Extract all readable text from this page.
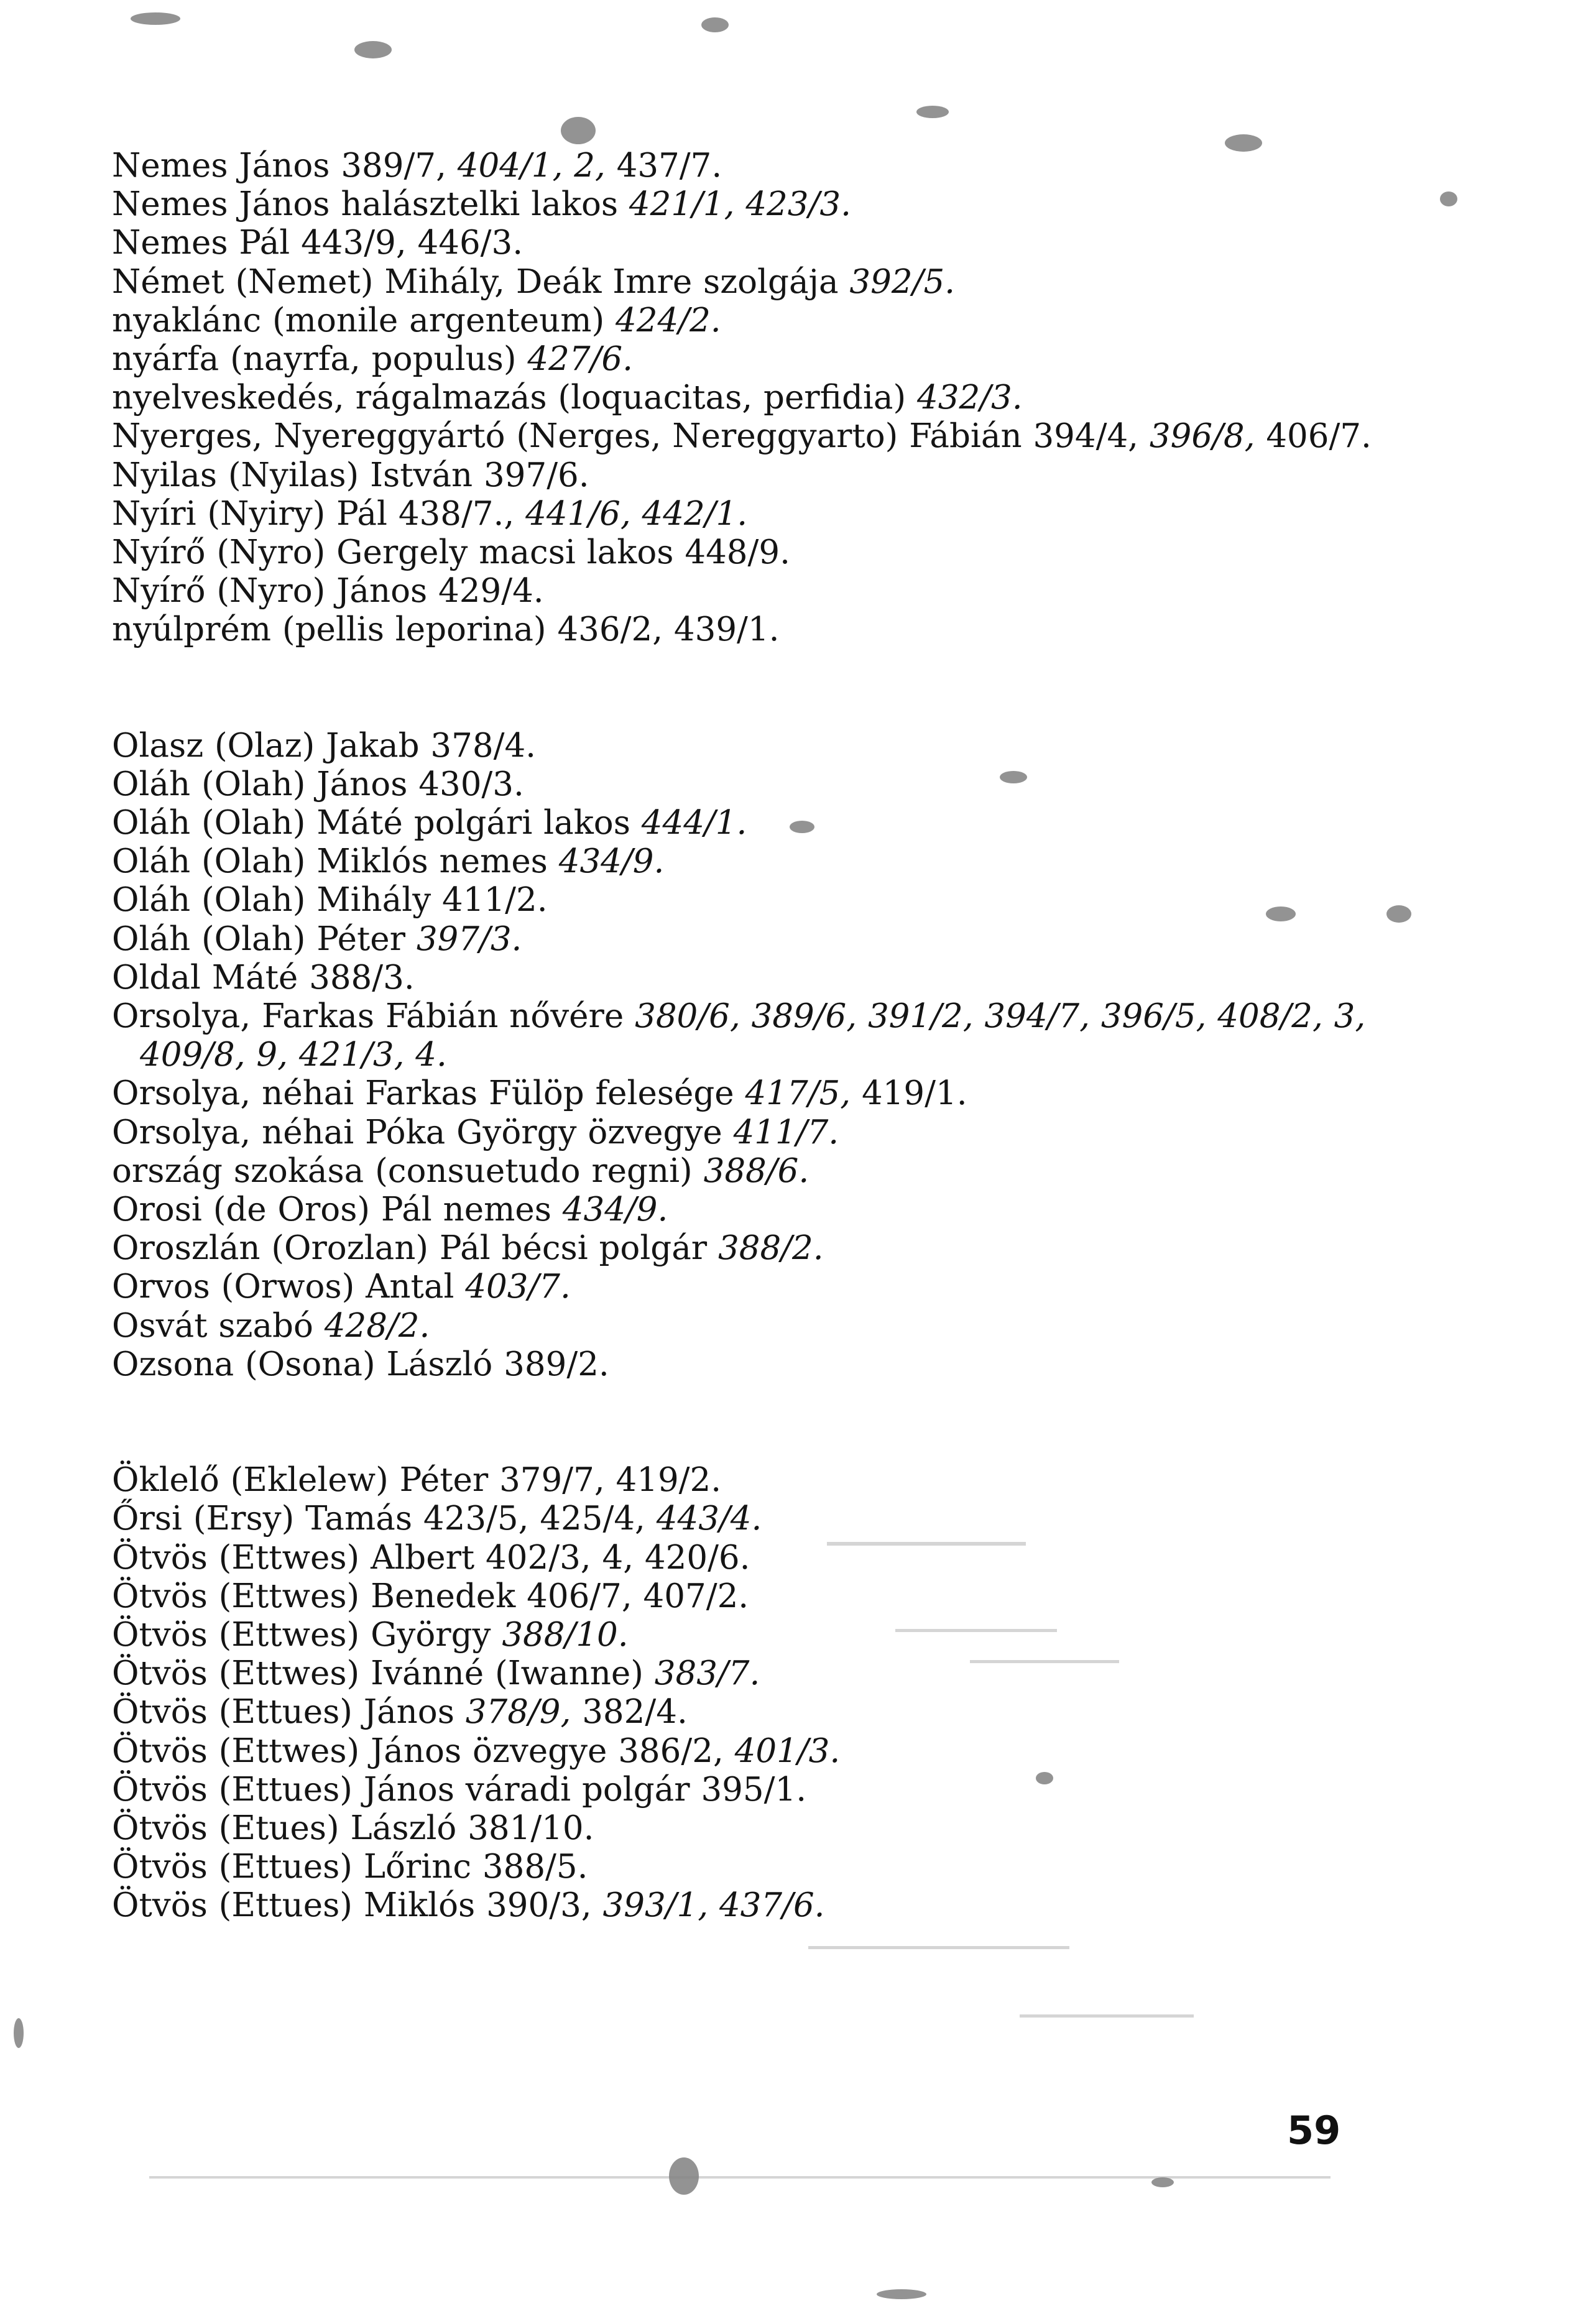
Nemes János 389/7, 404/1, 2, 437/7.
Nemes János halásztelki lakos 421/1, 423/3.
Nemes Pál 443/9, 446/3.
Német (Nemet) Mihály, Deák Imre szolgája 392/5.
nyaklánc (monile argenteum) 424/2.
nyárfa (nayrfa, populus) 427/6.
nyelveskedés, rágalmazás (loquacitas, perfidia) 432/3.
Nyerges, Nyereggyártó (Nerges, Nereggyarto) Fábián 394/4, 396/8, 406/7.
Nyilas (Nyilas) István 397/6.
Nyíri (Nyiry) Pál 438/7., 441/6, 442/1.
Nyírő (Nyro) Gergely macsi lakos 448/9.
Nyírő (Nyro) János 429/4.
nyúlprém (pellis leporina) 436/2, 439/1.
Olasz (Olaz) Jakab 378/4.
Oláh (Olah) János 430/3.
Oláh (Olah) Máté polgári lakos 444/1.
Oláh (Olah) Miklós nemes 434/9.
Oláh (Olah) Mihály 411/2.
Oláh (Olah) Péter 397/3.
Oldal Máté 388/3.
Orsolya, Farkas Fábián nővére 380/6, 389/6, 391/2, 394/7, 396/5, 408/2, 3, 409/8, 9, 421/3, 4.
Orsolya, néhai Farkas Fülöp felesége 417/5, 419/1.
Orsolya, néhai Póka György özvegye 411/7.
ország szokása (consuetudo regni) 388/6.
Orosi (de Oros) Pál nemes 434/9.
Oroszlán (Orozlan) Pál bécsi polgár 388/2.
Orvos (Orwos) Antal 403/7.
Osvát szabó 428/2.
Ozsona (Osona) László 389/2.
Öklelő (Eklelew) Péter 379/7, 419/2.
Őrsi (Ersy) Tamás 423/5, 425/4, 443/4.
Ötvös (Ettwes) Albert 402/3, 4, 420/6.
Ötvös (Ettwes) Benedek 406/7, 407/2.
Ötvös (Ettwes) György 388/10.
Ötvös (Ettwes) Ivánné (Iwanne) 383/7.
Ötvös (Ettues) János 378/9, 382/4.
Ötvös (Ettwes) János özvegye 386/2, 401/3.
Ötvös (Ettues) János váradi polgár 395/1.
Ötvös (Etues) László 381/10.
Ötvös (Ettues) Lőrinc 388/5.
Ötvös (Ettues) Miklós 390/3, 393/1, 437/6.
59
